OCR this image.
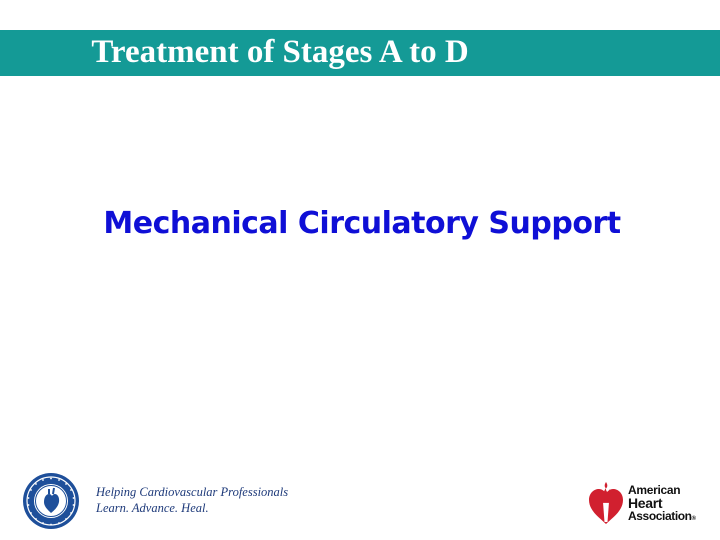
Treatment of Stages A to D
Mechanical Circulatory Support
Helping Cardiovascular Professionals
Learn. Advance. Heal.
American
Heart
Association®
